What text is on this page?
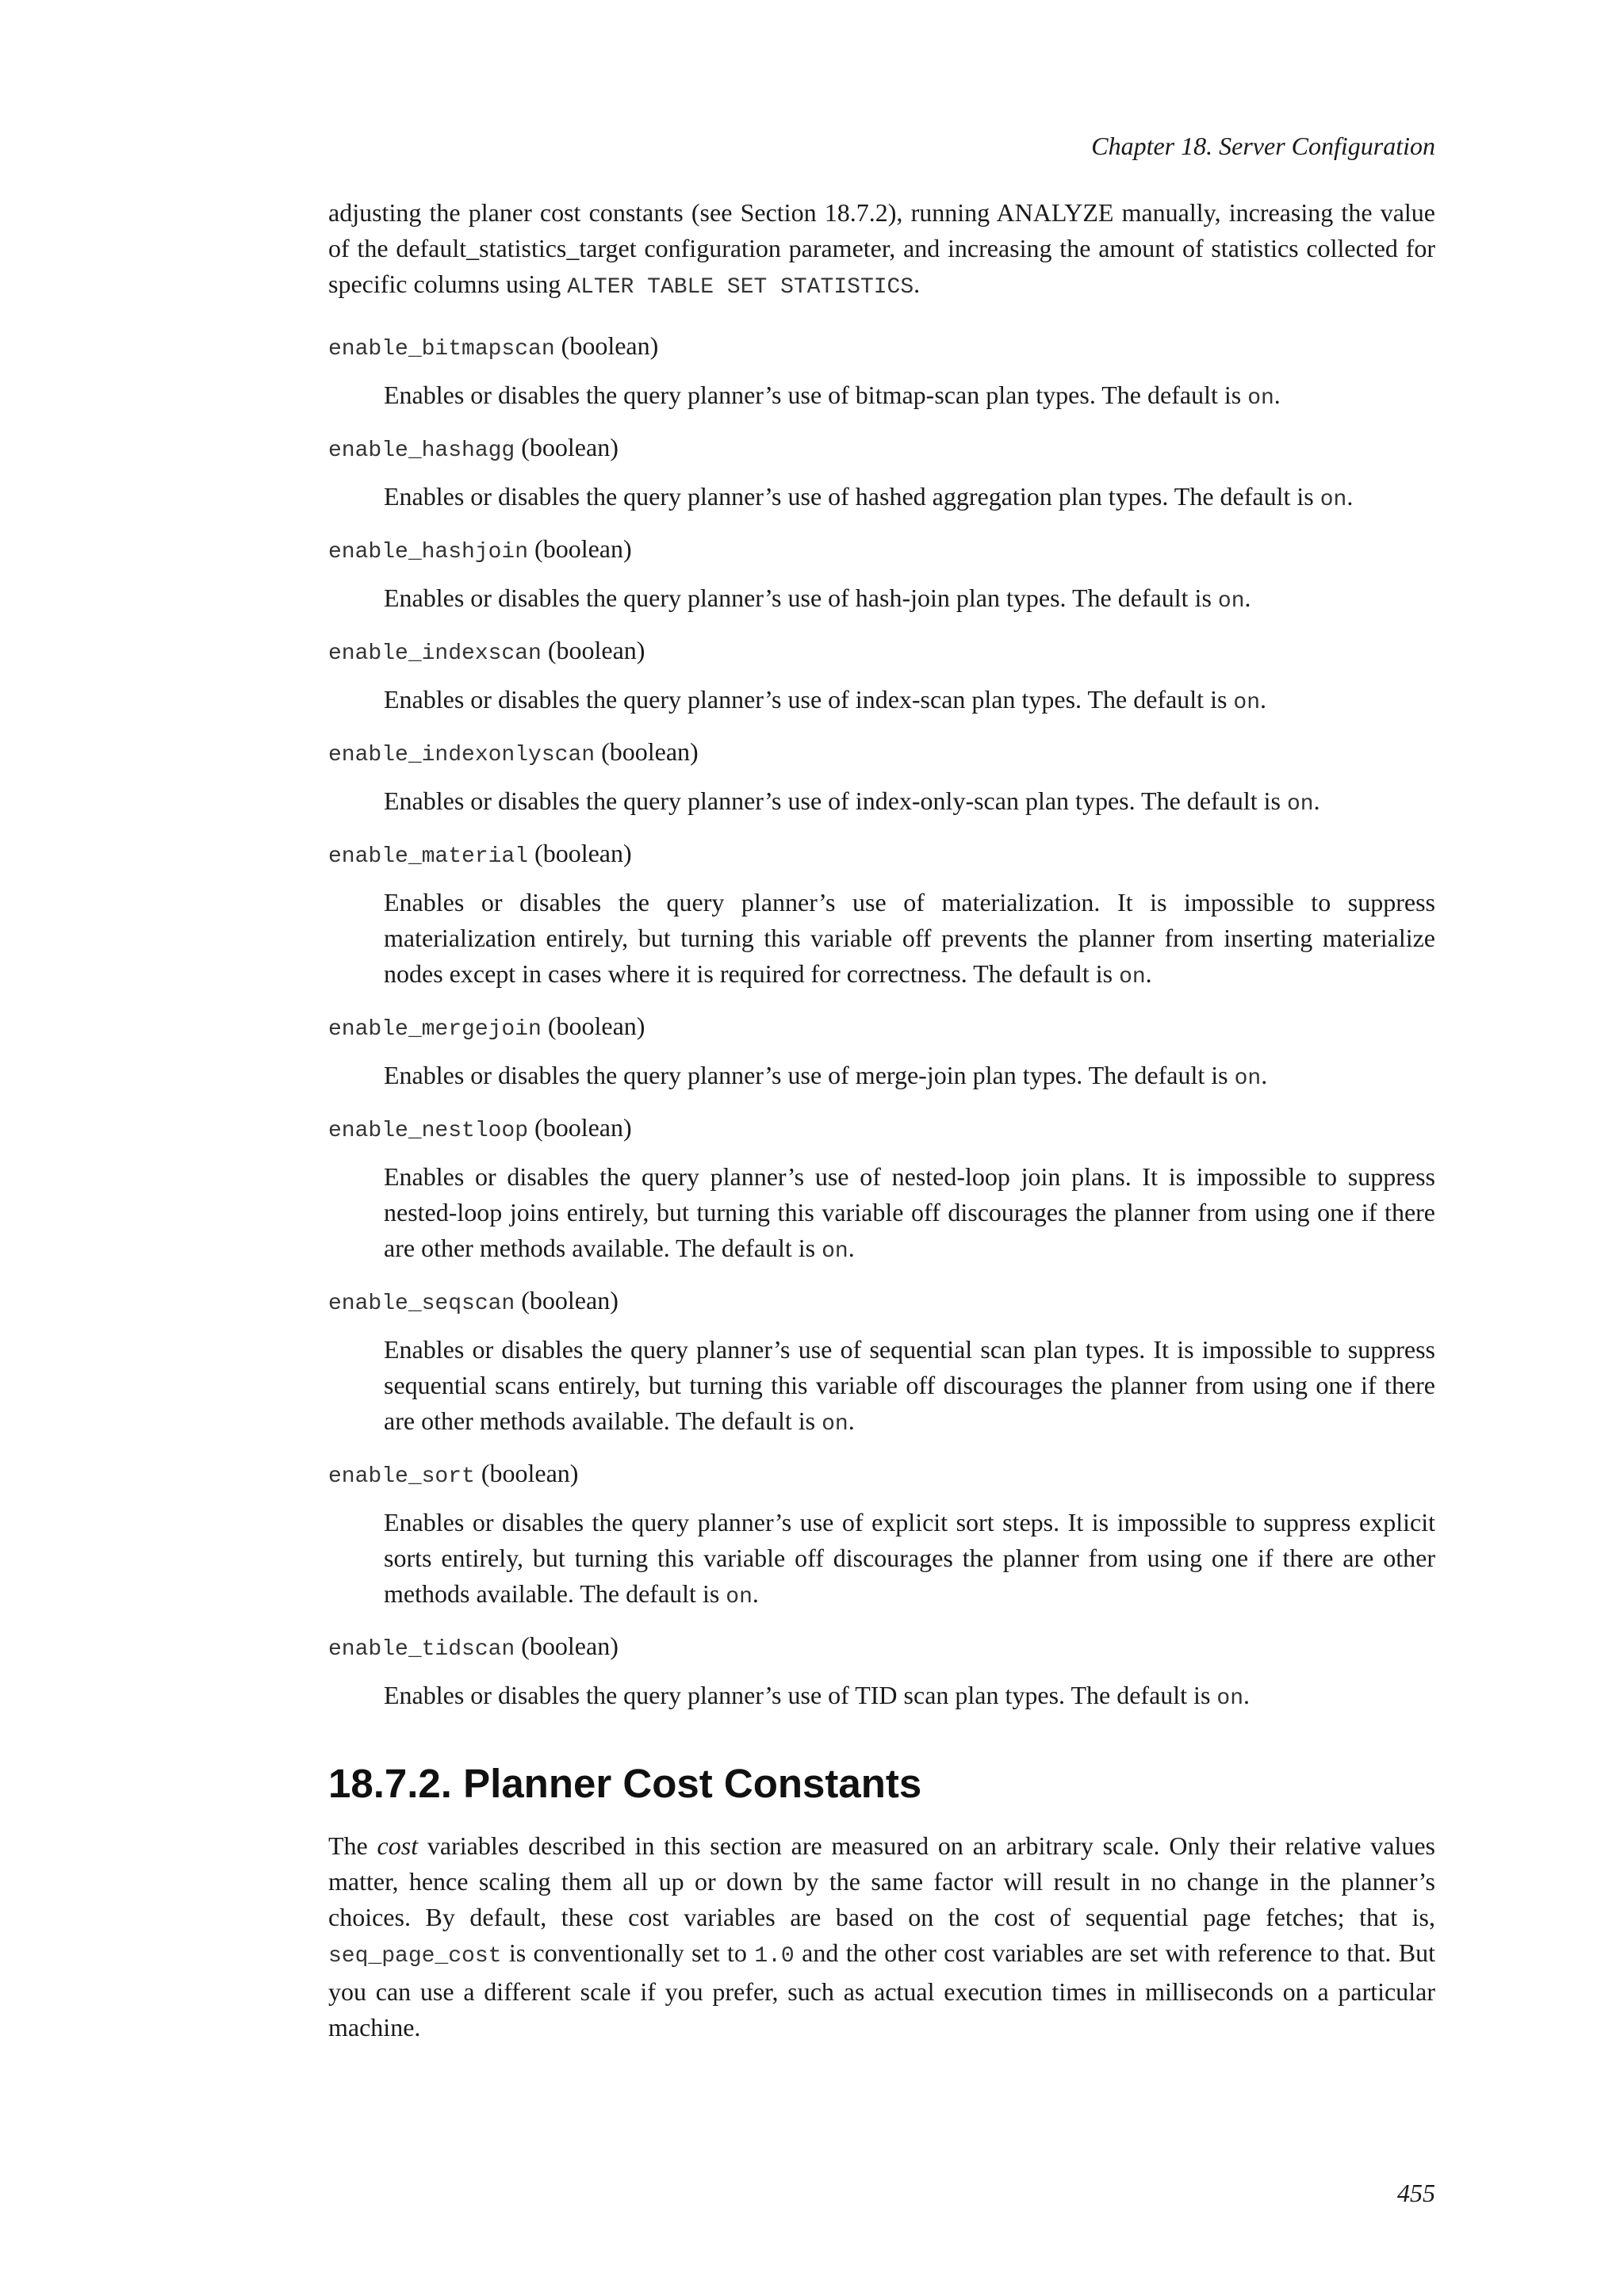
Chapter 18. Server Configuration

adjusting the planer cost constants (see Section 18.7.2), running ANALYZE manually, increasing the value of the default_statistics_target configuration parameter, and increasing the amount of statistics collected for specific columns using ALTER TABLE SET STATISTICS.

enable_bitmapscan (boolean)

Enables or disables the query planner’s use of bitmap-scan plan types. The default is on.

enable_hashagg (boolean)

Enables or disables the query planner’s use of hashed aggregation plan types. The default is on.

enable_hashjoin (boolean)

Enables or disables the query planner’s use of hash-join plan types. The default is on.

enable_indexscan (boolean)

Enables or disables the query planner’s use of index-scan plan types. The default is on.

enable_indexonlyscan (boolean)

Enables or disables the query planner’s use of index-only-scan plan types. The default is on.

enable_material (boolean)

Enables or disables the query planner’s use of materialization. It is impossible to suppress materialization entirely, but turning this variable off prevents the planner from inserting materialize nodes except in cases where it is required for correctness. The default is on.

enable_mergejoin (boolean)

Enables or disables the query planner’s use of merge-join plan types. The default is on.

enable_nestloop (boolean)

Enables or disables the query planner’s use of nested-loop join plans. It is impossible to suppress nested-loop joins entirely, but turning this variable off discourages the planner from using one if there are other methods available. The default is on.

enable_seqscan (boolean)

Enables or disables the query planner’s use of sequential scan plan types. It is impossible to suppress sequential scans entirely, but turning this variable off discourages the planner from using one if there are other methods available. The default is on.

enable_sort (boolean)

Enables or disables the query planner’s use of explicit sort steps. It is impossible to suppress explicit sorts entirely, but turning this variable off discourages the planner from using one if there are other methods available. The default is on.

enable_tidscan (boolean)

Enables or disables the query planner’s use of TID scan plan types. The default is on.

18.7.2. Planner Cost Constants

The cost variables described in this section are measured on an arbitrary scale. Only their relative values matter, hence scaling them all up or down by the same factor will result in no change in the planner’s choices. By default, these cost variables are based on the cost of sequential page fetches; that is, seq_page_cost is conventionally set to 1.0 and the other cost variables are set with reference to that. But you can use a different scale if you prefer, such as actual execution times in milliseconds on a particular machine.

455
